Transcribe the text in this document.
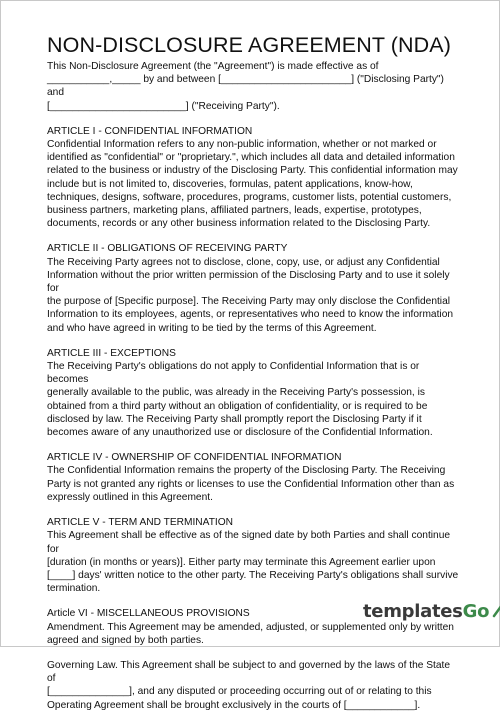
NON-DISCLOSURE AGREEMENT (NDA)
This Non-Disclosure Agreement (the "Agreement") is made effective as of
___________,_____ by and between [_______________________] ("Disclosing Party") and
[________________________] ("Receiving Party").
ARTICLE I - CONFIDENTIAL INFORMATION
Confidential Information refers to any non-public information, whether or not marked or
identified as "confidential" or "proprietary.", which includes all data and detailed information
related to the business or industry of the Disclosing Party. This confidential information may
include but is not limited to, discoveries, formulas, patent applications, know-how,
techniques, designs, software, procedures, programs, customer lists, potential customers,
business partners, marketing plans, affiliated partners, leads, expertise, prototypes,
documents, records or any other business information related to the Disclosing Party.
ARTICLE II - OBLIGATIONS OF RECEIVING PARTY
The Receiving Party agrees not to disclose, clone, copy, use, or adjust any Confidential
Information without the prior written permission of the Disclosing Party and to use it solely for
the purpose of [Specific purpose]. The Receiving Party may only disclose the Confidential
Information to its employees, agents, or representatives who need to know the information
and who have agreed in writing to be tied by the terms of this Agreement.
ARTICLE III - EXCEPTIONS
The Receiving Party's obligations do not apply to Confidential Information that is or becomes
generally available to the public, was already in the Receiving Party's possession, is
obtained from a third party without an obligation of confidentiality, or is required to be
disclosed by law. The Receiving Party shall promptly report the Disclosing Party if it
becomes aware of any unauthorized use or disclosure of the Confidential Information.
ARTICLE IV - OWNERSHIP OF CONFIDENTIAL INFORMATION
The Confidential Information remains the property of the Disclosing Party. The Receiving
Party is not granted any rights or licenses to use the Confidential Information other than as
expressly outlined in this Agreement.
ARTICLE V - TERM AND TERMINATION
This Agreement shall be effective as of the signed date by both Parties and shall continue for
[duration (in months or years)]. Either party may terminate this Agreement earlier upon
[____] days' written notice to the other party. The Receiving Party's obligations shall survive
termination.
Article VI - MISCELLANEOUS PROVISIONS
Amendment. This Agreement may be amended, adjusted, or supplemented only by written
agreed and signed by both parties.
Governing Law. This Agreement shall be subject to and governed by the laws of the State of
[______________], and any disputed or proceeding occurring out of or relating to this
Operating Agreement shall be brought exclusively in the courts of [____________].
templates Go
